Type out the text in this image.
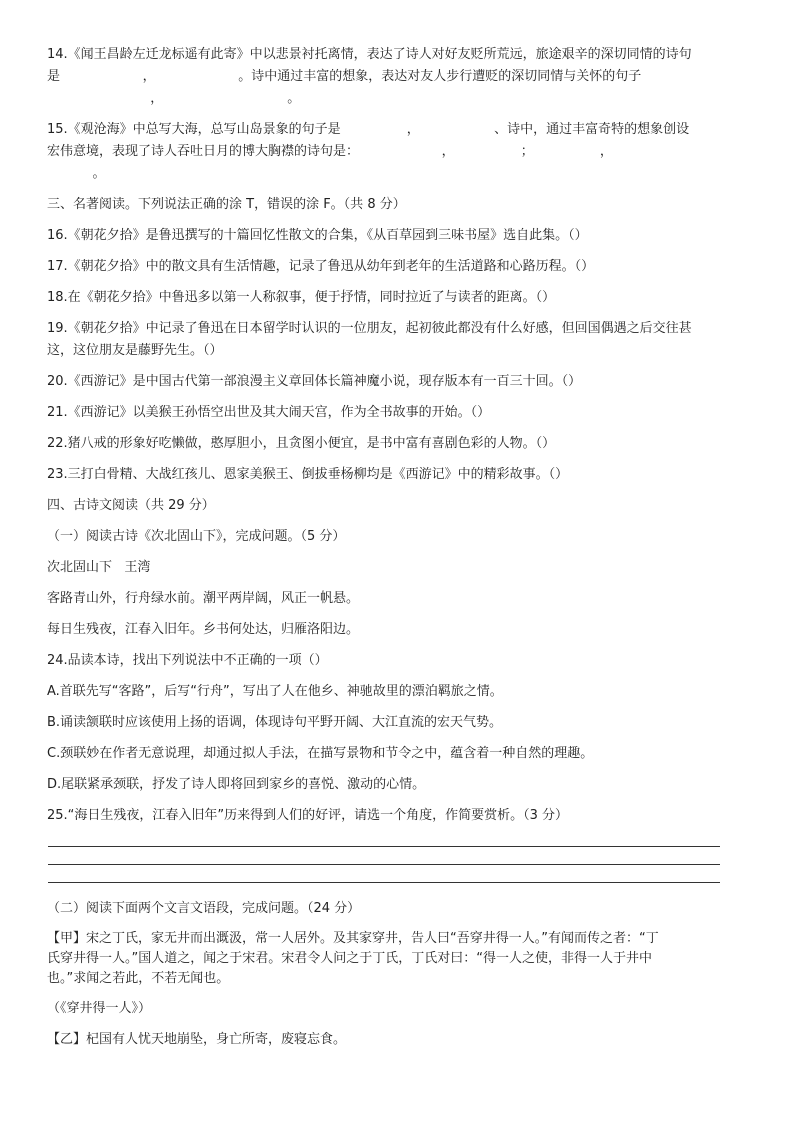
14.《闻王昌龄左迁龙标遥有此寄》中以悲景衬托离情，表达了诗人对好友贬所荒远，旅途艰辛的深切同情的诗句

是                    ，                    。诗中通过丰富的想象，表达对友人步行遭贬的深切同情与关怀的句子

，                              。

15.《观沧海》中总写大海，总写山岛景象的句子是                ，                  、诗中，通过丰富奇特的想象创设

宏伟意境，表现了诗人吞吐日月的博大胸襟的诗句是：                    ，                ；                ，

。

三、名著阅读。下列说法正确的涂 T，错误的涂 F。（共 8 分）

16.《朝花夕拾》是鲁迅撰写的十篇回忆性散文的合集，《从百草园到三味书屋》选自此集。（）

17.《朝花夕拾》中的散文具有生活情趣，记录了鲁迅从幼年到老年的生活道路和心路历程。（）

18.在《朝花夕拾》中鲁迅多以第一人称叙事，便于抒情，同时拉近了与读者的距离。（）

19.《朝花夕拾》中记录了鲁迅在日本留学时认识的一位朋友，起初彼此都没有什么好感，但回国偶遇之后交往甚

这，这位朋友是藤野先生。（）

20.《西游记》是中国古代第一部浪漫主义章回体长篇神魔小说，现存版本有一百三十回。（）

21.《西游记》以美猴王孙悟空出世及其大闹天宫，作为全书故事的开始。（）

22.猪八戒的形象好吃懒做，憨厚胆小，且贪图小便宜，是书中富有喜剧色彩的人物。（）

23.三打白骨精、大战红孩儿、恩家美猴王、倒拔垂杨柳均是《西游记》中的精彩故事。（）

四、古诗文阅读（共 29 分）

（一）阅读古诗《次北固山下》，完成问题。（5 分）

次北固山下   王湾

客路青山外，行舟绿水前。潮平两岸阔，风正一帆悬。

每日生残夜，江春入旧年。乡书何处达，归雁洛阳边。

24.品读本诗，找出下列说法中不正确的一项（）

A.首联先写“客路”，后写“行舟”，写出了人在他乡、神驰故里的漂泊羁旅之情。

B.诵读颔联时应该使用上扬的语调，体现诗句平野开阔、大江直流的宏天气势。

C.颈联妙在作者无意说理，却通过拟人手法，在描写景物和节令之中，蕴含着一种自然的理趣。

D.尾联紧承颈联，抒发了诗人即将回到家乡的喜悦、激动的心情。

25.“海日生残夜，江春入旧年”历来得到人们的好评，请选一个角度，作简要赏析。（3 分）

（二）阅读下面两个文言文语段，完成问题。（24 分）

【甲】宋之丁氏，家无井而出溉汲，常一人居外。及其家穿井，告人曰“吾穿井得一人。”有闻而传之者：“丁

氏穿井得一人。”国人道之，闻之于宋君。宋君令人问之于丁氏，丁氏对曰：“得一人之使，非得一人于井中

也。”求闻之若此，不若无闻也。

（《穿井得一人》）

【乙】杞国有人忧天地崩坠，身亡所寄，废寝忘食。
